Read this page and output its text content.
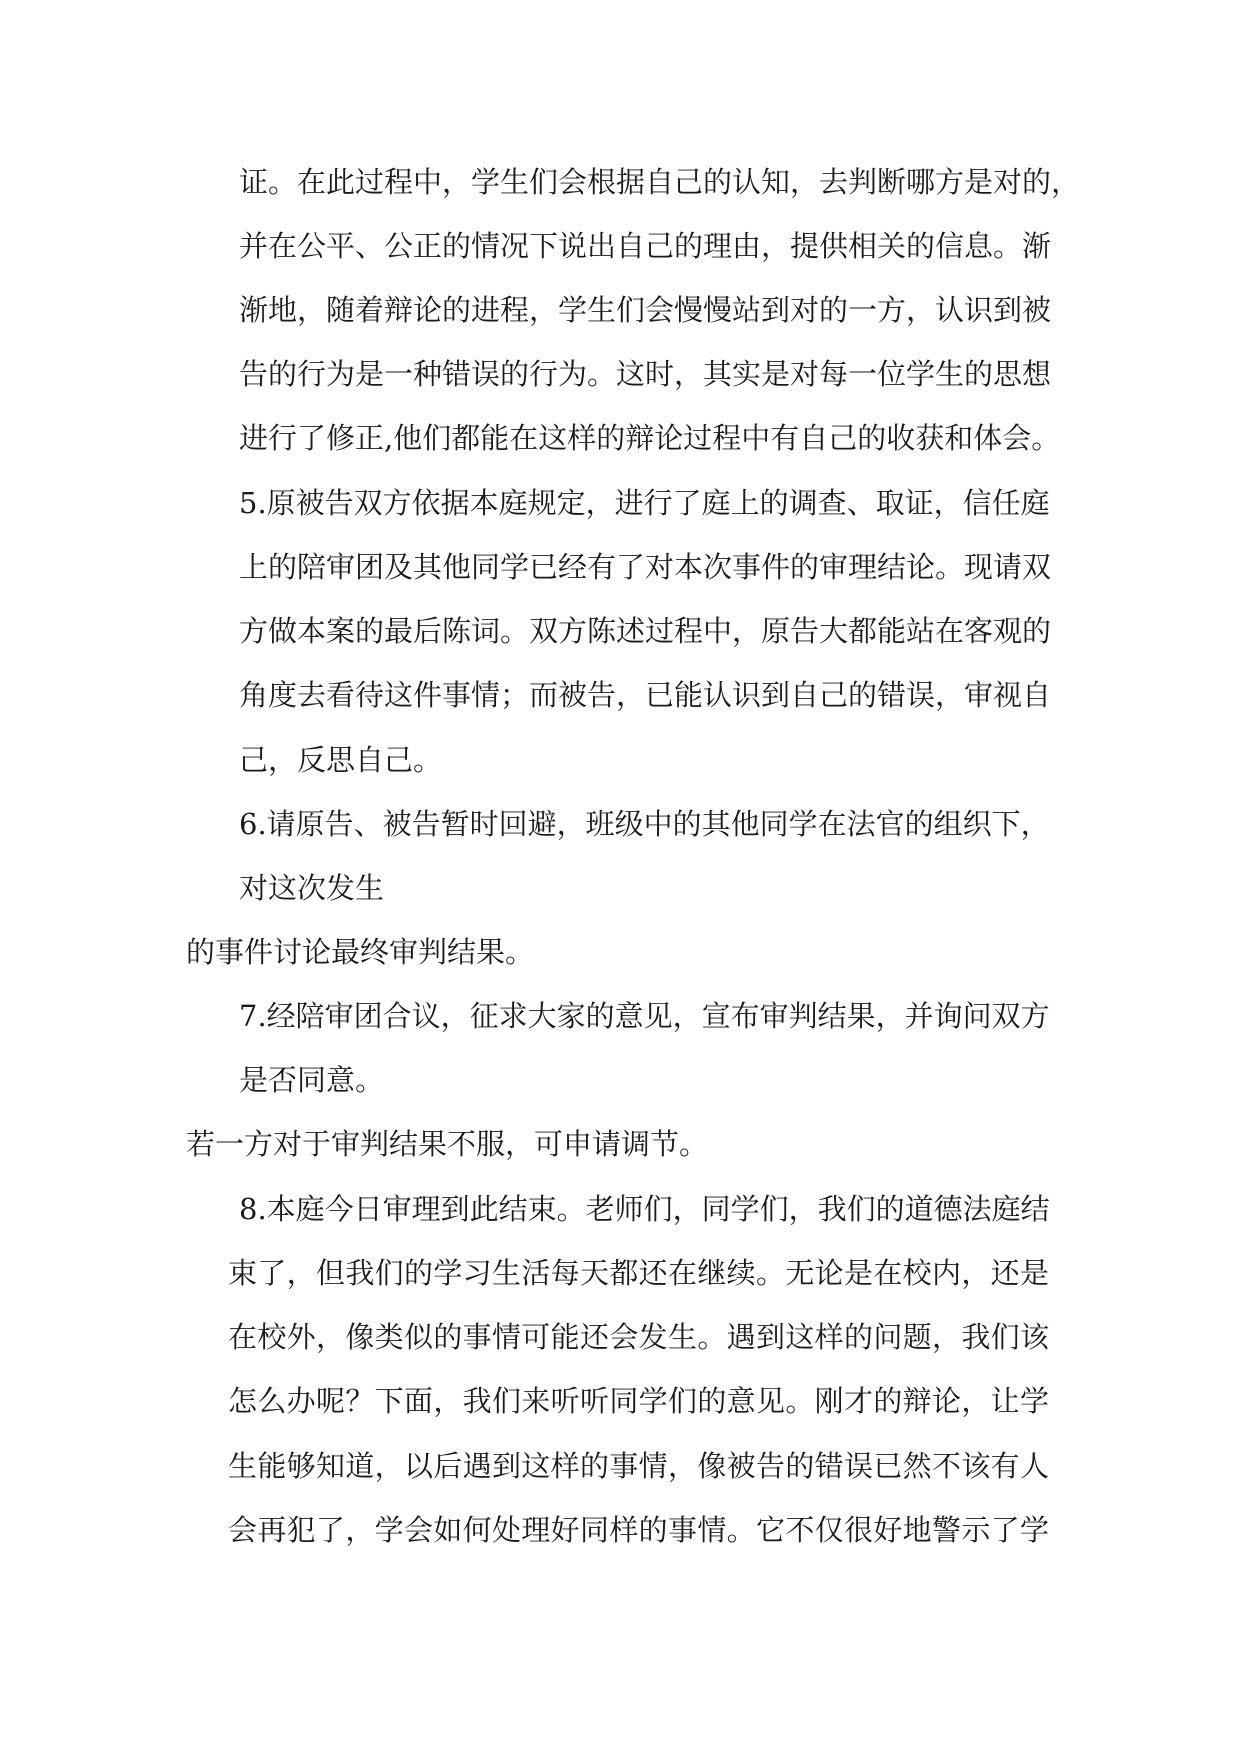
证。在此过程中，学生们会根据自己的认知，去判断哪方是对的，
并在公平、公正的情况下说出自己的理由，提供相关的信息。渐
渐地，随着辩论的进程，学生们会慢慢站到对的一方，认识到被
告的行为是一种错误的行为。这时，其实是对每一位学生的思想
进行了修正,他们都能在这样的辩论过程中有自己的收获和体会。
5.原被告双方依据本庭规定，进行了庭上的调查、取证，信任庭
上的陪审团及其他同学已经有了对本次事件的审理结论。现请双
方做本案的最后陈词。双方陈述过程中，原告大都能站在客观的
角度去看待这件事情；而被告，已能认识到自己的错误，审视自
己，反思自己。
6.请原告、被告暂时回避，班级中的其他同学在法官的组织下，
对这次发生
的事件讨论最终审判结果。
7.经陪审团合议，征求大家的意见，宣布审判结果，并询问双方
是否同意。
若一方对于审判结果不服，可申请调节。
8.本庭今日审理到此结束。老师们，同学们，我们的道德法庭结
束了，但我们的学习生活每天都还在继续。无论是在校内，还是
在校外，像类似的事情可能还会发生。遇到这样的问题，我们该
怎么办呢？下面，我们来听听同学们的意见。刚才的辩论，让学
生能够知道，以后遇到这样的事情，像被告的错误已然不该有人
会再犯了，学会如何处理好同样的事情。它不仅很好地警示了学
